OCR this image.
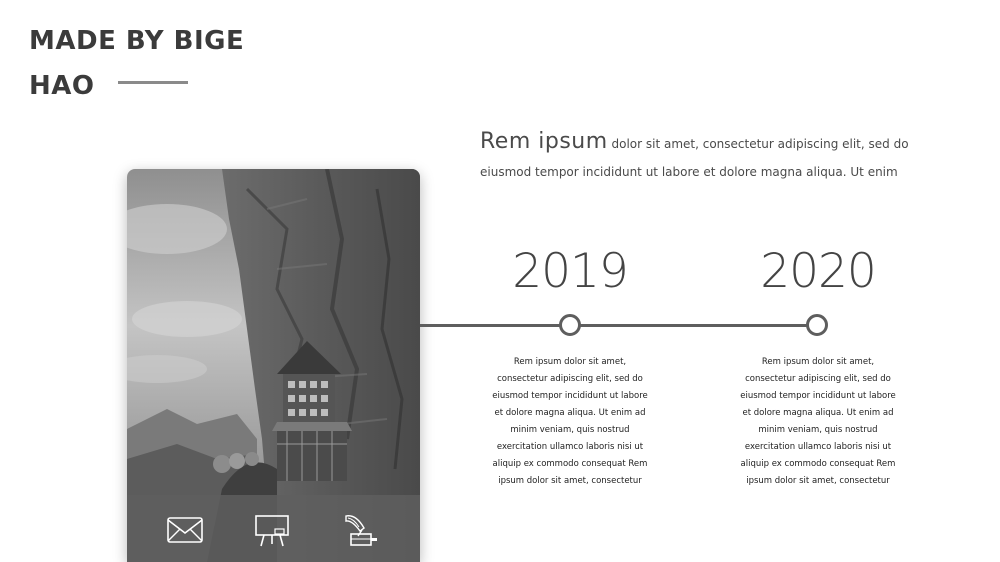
MADE BY BIGE
HAO

Rem ipsum dolor sit amet, consectetur adipiscing elit, sed do eiusmod tempor incididunt ut labore et dolore magna aliqua. Ut enim

2019	2020

Rem ipsum dolor sit amet, consectetur adipiscing elit, sed do eiusmod tempor incididunt ut labore et dolore magna aliqua. Ut enim ad minim veniam, quis nostrud exercitation ullamco laboris nisi ut aliquip ex commodo consequat Rem ipsum dolor sit amet, consectetur

Rem ipsum dolor sit amet, consectetur adipiscing elit, sed do eiusmod tempor incididunt ut labore et dolore magna aliqua. Ut enim ad minim veniam, quis nostrud exercitation ullamco laboris nisi ut aliquip ex commodo consequat Rem ipsum dolor sit amet, consectetur
